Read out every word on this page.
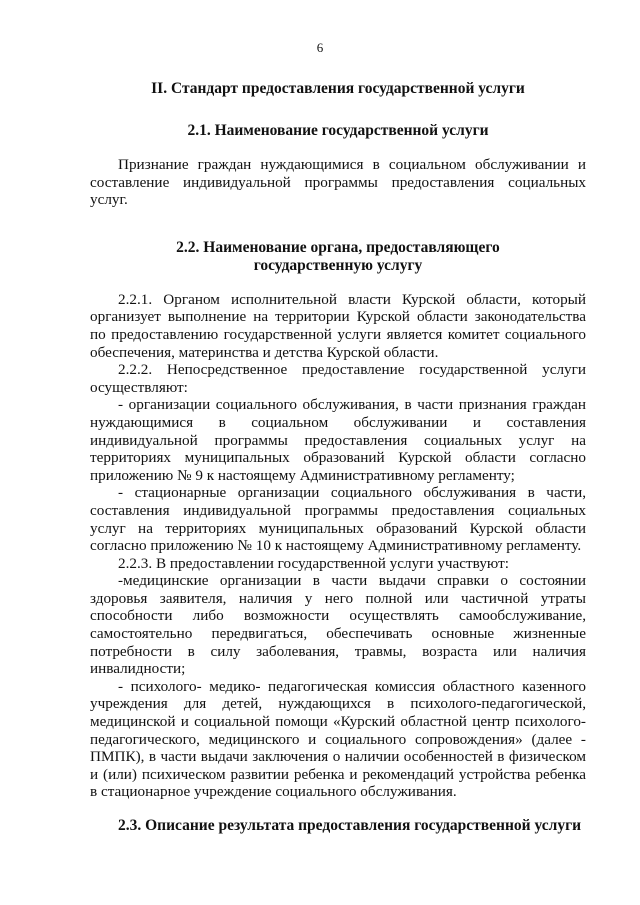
6
II. Стандарт предоставления государственной услуги
2.1. Наименование государственной услуги

Признание граждан нуждающимися в социальном обслуживании и составление индивидуальной программы предоставления социальных услуг.

2.2. Наименование органа, предоставляющего государственную услугу

2.2.1. Органом исполнительной власти Курской области, который организует выполнение на территории Курской области законодательства по предоставлению государственной услуги является комитет социального обеспечения, материнства и детства Курской области.

2.2.2. Непосредственное предоставление государственной услуги осуществляют:

- организации социального обслуживания, в части признания граждан нуждающимися в социальном обслуживании и составления индивидуальной программы предоставления социальных услуг на территориях муниципальных образований Курской области согласно приложению № 9 к настоящему Административному регламенту;

- стационарные организации социального обслуживания в части, составления индивидуальной программы предоставления социальных услуг на территориях муниципальных образований Курской области согласно приложению № 10 к настоящему Административному регламенту.

2.2.3. В предоставлении государственной услуги участвуют:

-медицинские организации в части выдачи справки о состоянии здоровья заявителя, наличия у него полной или частичной утраты способности либо возможности осуществлять самообслуживание, самостоятельно передвигаться, обеспечивать основные жизненные потребности в силу заболевания, травмы, возраста или наличия инвалидности;

- психолого- медико- педагогическая комиссия областного казенного учреждения для детей, нуждающихся в психолого-педагогической, медицинской и социальной помощи «Курский областной центр психолого-педагогического, медицинского и социального сопровождения» (далее - ПМПК), в части выдачи заключения о наличии особенностей в физическом и (или) психическом развитии ребенка и рекомендаций устройства ребенка в стационарное учреждение социального обслуживания.

2.3. Описание результата предоставления государственной услуги
